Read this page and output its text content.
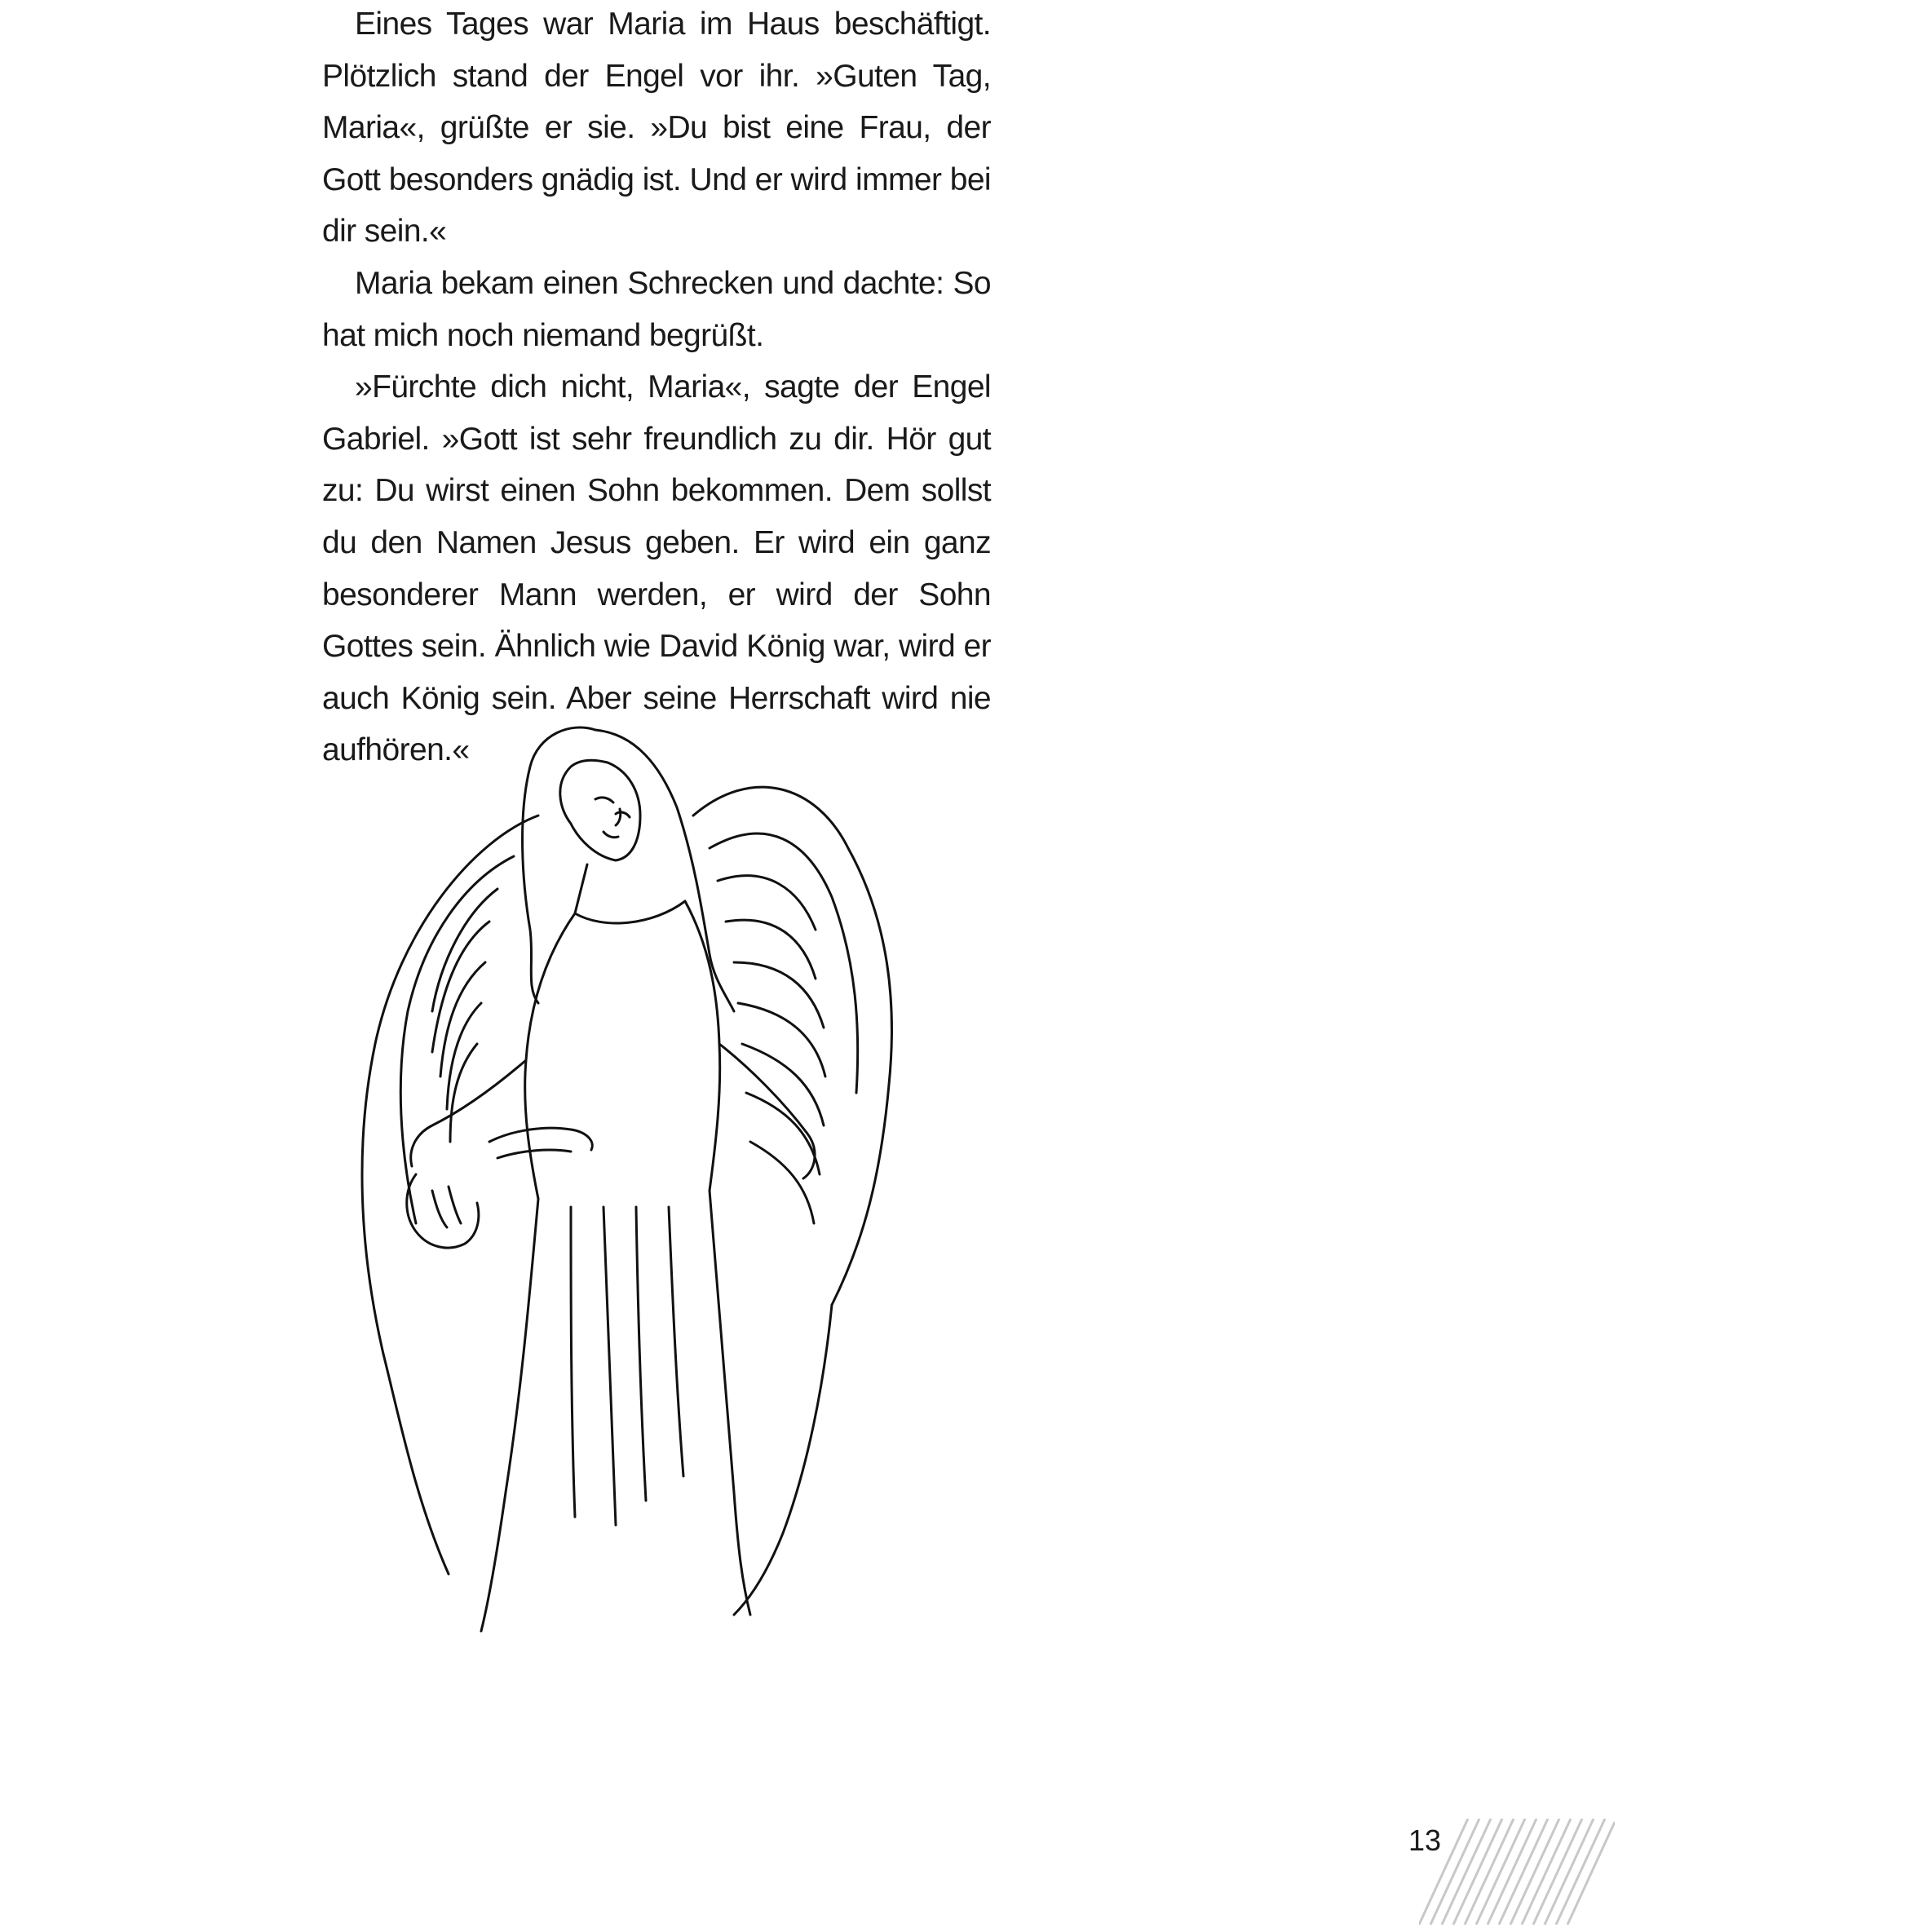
Eines Tages war Maria im Haus beschäftigt. Plötzlich stand der Engel vor ihr. »Guten Tag, Maria«, grüßte er sie. »Du bist eine Frau, der Gott besonders gnädig ist. Und er wird immer bei dir sein.«

Maria bekam einen Schrecken und dachte: So hat mich noch niemand begrüßt.

»Fürchte dich nicht, Maria«, sagte der Engel Gabriel. »Gott ist sehr freundlich zu dir. Hör gut zu: Du wirst einen Sohn bekommen. Dem sollst du den Namen Jesus geben. Er wird ein ganz besonderer Mann werden, er wird der Sohn Gottes sein. Ähnlich wie David König war, wird er auch König sein. Aber seine Herrschaft wird nie aufhören.«

13
